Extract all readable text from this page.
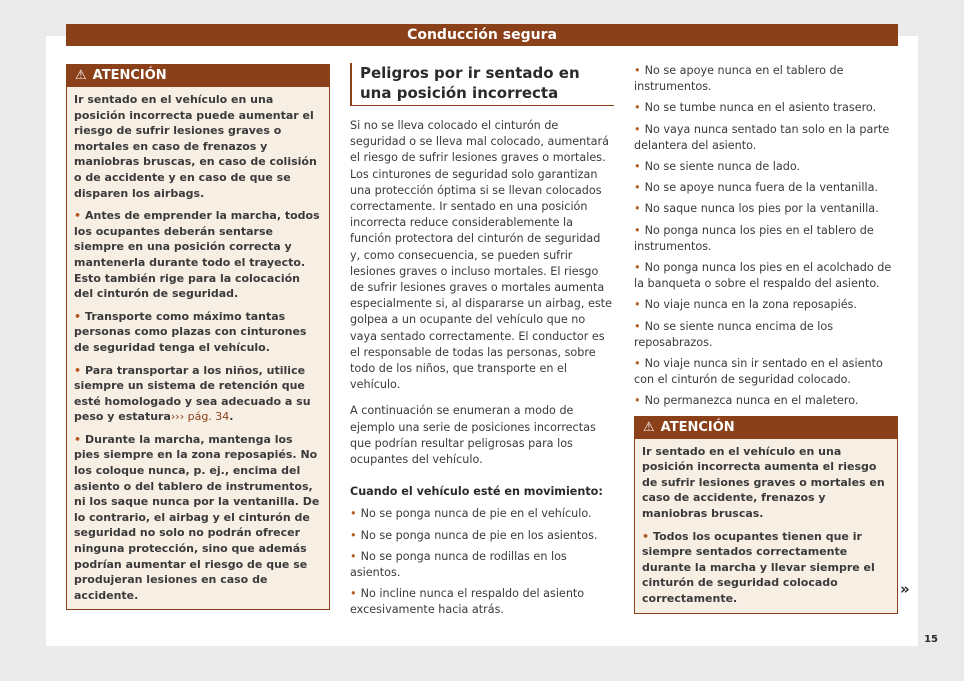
Conducción segura
⚠ ATENCIÓN

Ir sentado en el vehículo en una posición incorrecta puede aumentar el riesgo de sufrir lesiones graves o mortales en caso de frenazos y maniobras bruscas, en caso de colisión o de accidente y en caso de que se disparen los airbags.

• Antes de emprender la marcha, todos los ocupantes deberán sentarse siempre en una posición correcta y mantenerla durante todo el trayecto. Esto también rige para la colocación del cinturón de seguridad.

• Transporte como máximo tantas personas como plazas con cinturones de seguridad tenga el vehículo.

• Para transportar a los niños, utilice siempre un sistema de retención que esté homologado y sea adecuado a su peso y estatura››› pág. 34.

• Durante la marcha, mantenga los pies siempre en la zona reposapiés. No los coloque nunca, p. ej., encima del asiento o del tablero de instrumentos, ni los saque nunca por la ventanilla. De lo contrario, el airbag y el cinturón de seguridad no solo no podrán ofrecer ninguna protección, sino que además podrían aumentar el riesgo de que se produjeran lesiones en caso de accidente.

Peligros por ir sentado en una posición incorrecta

Si no se lleva colocado el cinturón de seguridad o se lleva mal colocado, aumentará el riesgo de sufrir lesiones graves o mortales. Los cinturones de seguridad solo garantizan una protección óptima si se llevan colocados correctamente. Ir sentado en una posición incorrecta reduce considerablemente la función protectora del cinturón de seguridad y, como consecuencia, se pueden sufrir lesiones graves o incluso mortales. El riesgo de sufrir lesiones graves o mortales aumenta especialmente si, al dispararse un airbag, este golpea a un ocupante del vehículo que no vaya sentado correctamente. El conductor es el responsable de todas las personas, sobre todo de los niños, que transporte en el vehículo.

A continuación se enumeran a modo de ejemplo una serie de posiciones incorrectas que podrían resultar peligrosas para los ocupantes del vehículo.

Cuando el vehículo esté en movimiento:
• No se ponga nunca de pie en el vehículo.
• No se ponga nunca de pie en los asientos.
• No se ponga nunca de rodillas en los asientos.
• No incline nunca el respaldo del asiento excesivamente hacia atrás.
• No se apoye nunca en el tablero de instrumentos.
• No se tumbe nunca en el asiento trasero.
• No vaya nunca sentado tan solo en la parte delantera del asiento.
• No se siente nunca de lado.
• No se apoye nunca fuera de la ventanilla.
• No saque nunca los pies por la ventanilla.
• No ponga nunca los pies en el tablero de instrumentos.
• No ponga nunca los pies en el acolchado de la banqueta o sobre el respaldo del asiento.
• No viaje nunca en la zona reposapiés.
• No se siente nunca encima de los reposabrazos.
• No viaje nunca sin ir sentado en el asiento con el cinturón de seguridad colocado.
• No permanezca nunca en el maletero.
⚠ ATENCIÓN

Ir sentado en el vehículo en una posición incorrecta aumenta el riesgo de sufrir lesiones graves o mortales en caso de accidente, frenazos y maniobras bruscas.

• Todos los ocupantes tienen que ir siempre sentados correctamente durante la marcha y llevar siempre el cinturón de seguridad colocado correctamente.

»
15
